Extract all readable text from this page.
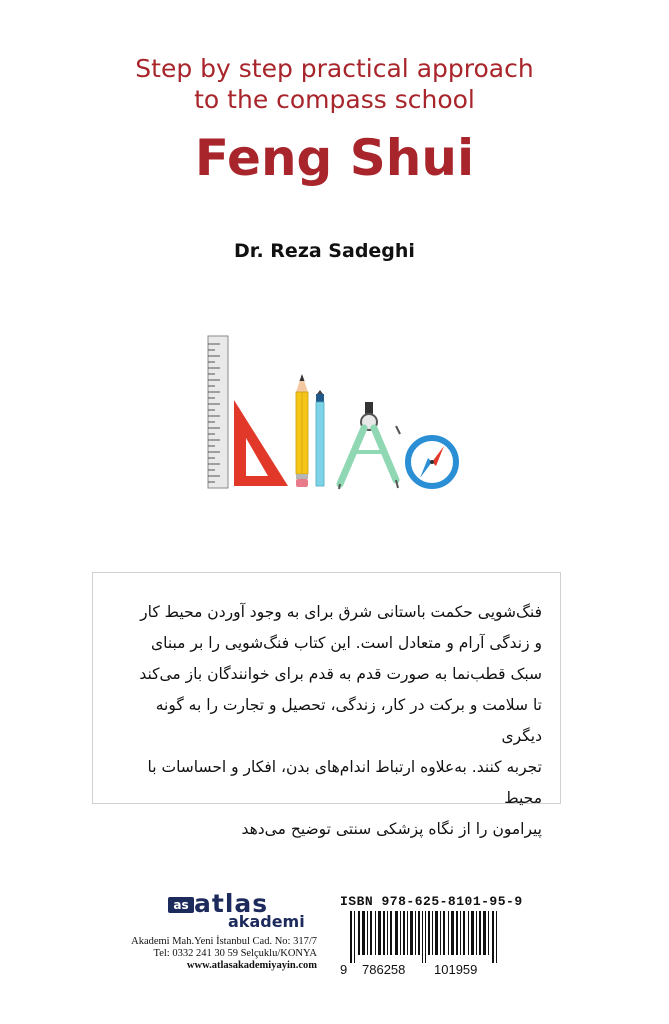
Step by step practical approach
to the compass school
Feng Shui
Dr. Reza Sadeghi
فنگ‌شویی حکمت باستانی شرق برای به وجود آوردن محیط کار
و زندگی آرام و متعادل است. این کتاب فنگ‌شویی را بر مبنای
سبک قطب‌نما به صورت قدم به قدم برای خوانندگان باز می‌کند
تا سلامت و برکت در کار، زندگی، تحصیل و تجارت را به گونه دیگری
تجربه کنند. به‌علاوه ارتباط اندام‌های بدن، افکار و احساسات با محیط
پیرامون را از نگاه پزشکی سنتی توضیح می‌دهد
as atlas
akademi
Akademi Mah.Yeni İstanbul Cad. No: 317/7
Tel: 0332 241 30 59 Selçuklu/KONYA
www.atlasakademiyayin.com
ISBN 978-625-8101-95-9
9 786258 101959
